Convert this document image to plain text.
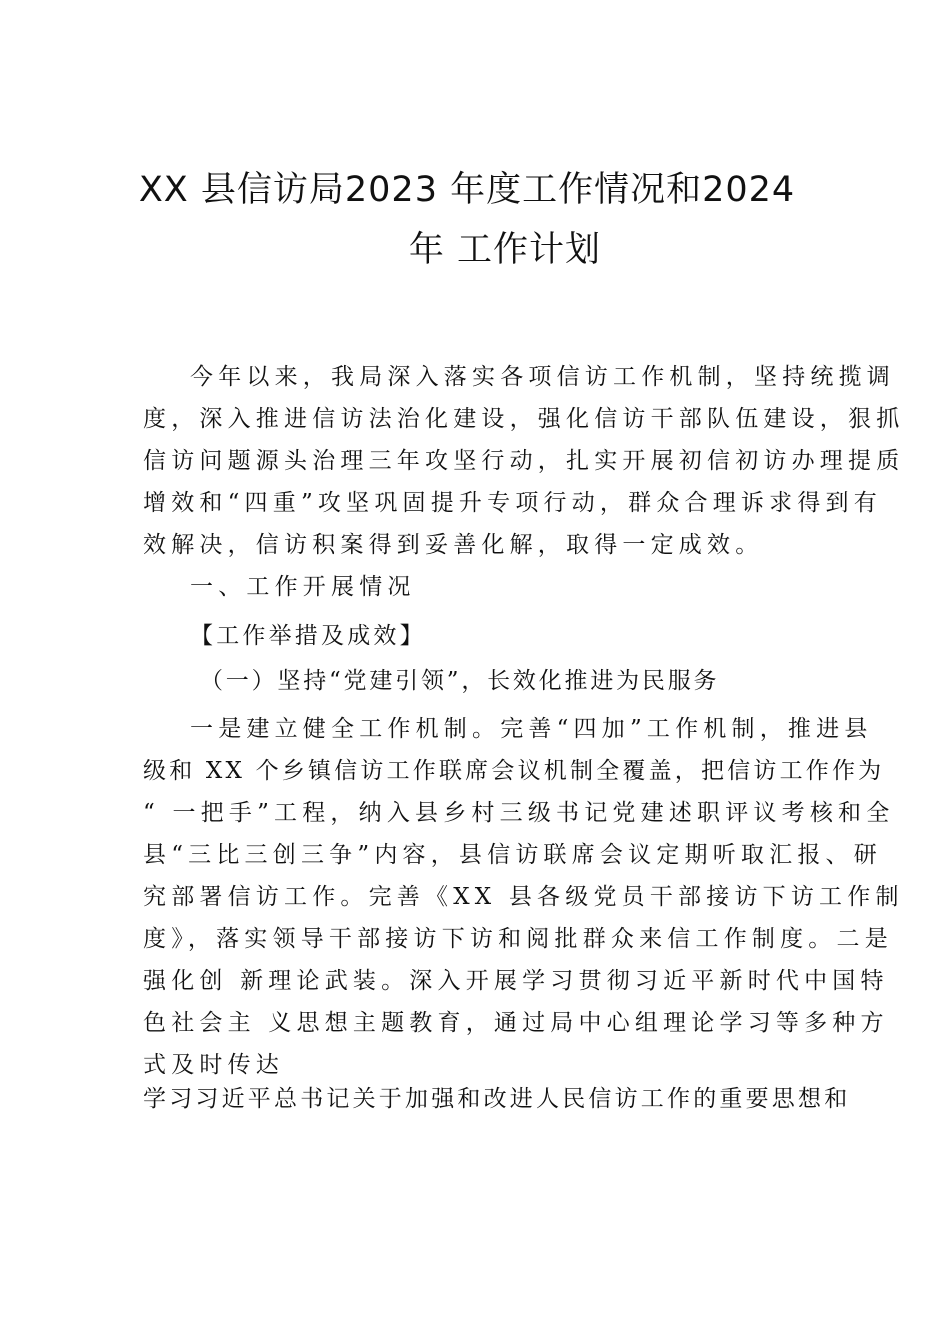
XX 县信访局2023 年度工作情况和2024
年 工作计划
今年以来，我局深入落实各项信访工作机制，坚持统揽调
度，深入推进信访法治化建设，强化信访干部队伍建设，狠抓
信访问题源头治理三年攻坚行动，扎实开展初信初访办理提质
增效和“四重”攻坚巩固提升专项行动，群众合理诉求得到有
效解决，信访积案得到妥善化解，取得一定成效。
一、工作开展情况
【工作举措及成效】
（一）坚持“党建引领”，长效化推进为民服务
一是建立健全工作机制。完善“四加”工作机制，推进县
级和 XX 个乡镇信访工作联席会议机制全覆盖，把信访工作作为
“ 一把手”工程，纳入县乡村三级书记党建述职评议考核和全
县“三比三创三争”内容，县信访联席会议定期听取汇报、研
究部署信访工作。完善《XX 县各级党员干部接访下访工作制
度》，落实领导干部接访下访和阅批群众来信工作制度。二是
强化创 新理论武装。深入开展学习贯彻习近平新时代中国特
色社会主 义思想主题教育，通过局中心组理论学习等多种方
式及时传达
学习习近平总书记关于加强和改进人民信访工作的重要思想和
